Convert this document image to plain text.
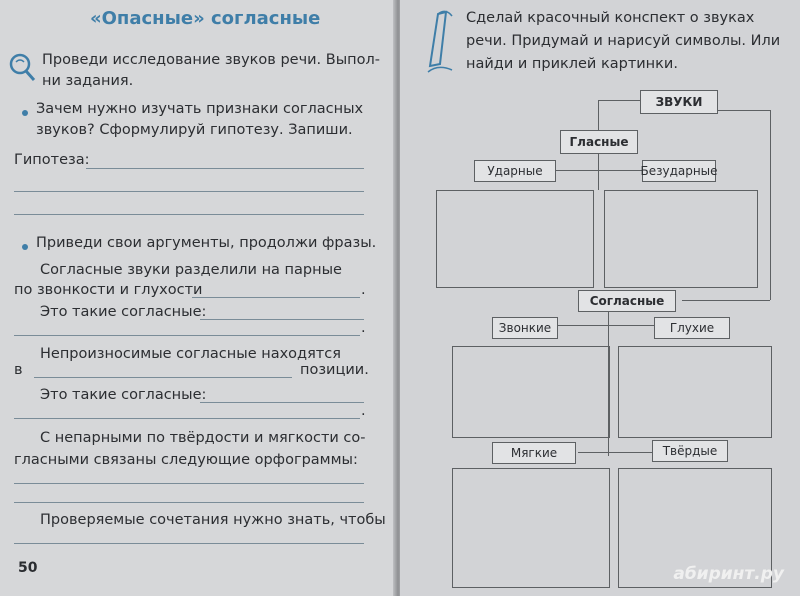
«Опасные» согласные
Проведи исследование звуков речи. Выпол-
ни задания.
Зачем нужно изучать признаки согласных
звуков? Сформулируй гипотезу. Запиши.
Гипотеза:
Приведи свои аргументы, продолжи фразы.
Согласные звуки разделили на парные
по звонкости и глухости	.
Это такие согласные:
.
Непроизносимые согласные находятся
в	позиции.
Это такие согласные:
.
С непарными по твёрдости и мягкости со-
гласными связаны следующие орфограммы:
Проверяемые сочетания нужно знать, чтобы
50
Сделай красочный конспект о звуках
речи. Придумай и нарисуй символы. Или
найди и приклей картинки.
ЗВУКИ
Гласные
Ударные	Безударные
Согласные
Звонкие	Глухие
Мягкие	Твёрдые
абиринт.ру
